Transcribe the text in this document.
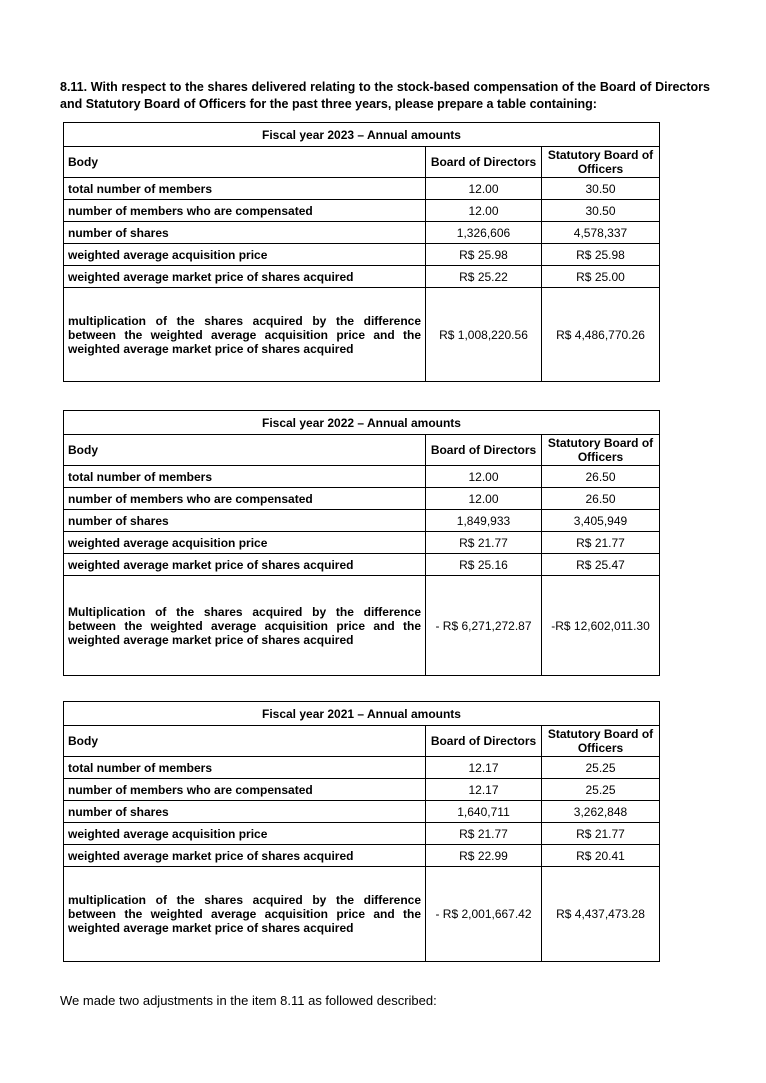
8.11. With respect to the shares delivered relating to the stock-based compensation of the Board of Directors and Statutory Board of Officers for the past three years, please prepare a table containing:
Fiscal year 2023 – Annual amounts		
Body	Board of Directors	Statutory Board of Officers
total number of members	12.00	30.50
number of members who are compensated	12.00	30.50
number of shares	1,326,606	4,578,337
weighted average acquisition price	R$ 25.98	R$ 25.98
weighted average market price of shares acquired	R$ 25.22	R$ 25.00
multiplication of the shares acquired by the difference between the weighted average acquisition price and the weighted average market price of shares acquired	R$ 1,008,220.56	R$ 4,486,770.26
Fiscal year 2022 – Annual amounts		
Body	Board of Directors	Statutory Board of Officers
total number of members	12.00	26.50
number of members who are compensated	12.00	26.50
number of shares	1,849,933	3,405,949
weighted average acquisition price	R$ 21.77	R$ 21.77
weighted average market price of shares acquired	R$ 25.16	R$ 25.47
Multiplication of the shares acquired by the difference between the weighted average acquisition price and the weighted average market price of shares acquired	- R$ 6,271,272.87	-R$ 12,602,011.30
Fiscal year 2021 – Annual amounts		
Body	Board of Directors	Statutory Board of Officers
total number of members	12.17	25.25
number of members who are compensated	12.17	25.25
number of shares	1,640,711	3,262,848
weighted average acquisition price	R$ 21.77	R$ 21.77
weighted average market price of shares acquired	R$ 22.99	R$ 20.41
multiplication of the shares acquired by the difference between the weighted average acquisition price and the weighted average market price of shares acquired	- R$ 2,001,667.42	R$ 4,437,473.28
We made two adjustments in the item 8.11 as followed described:
